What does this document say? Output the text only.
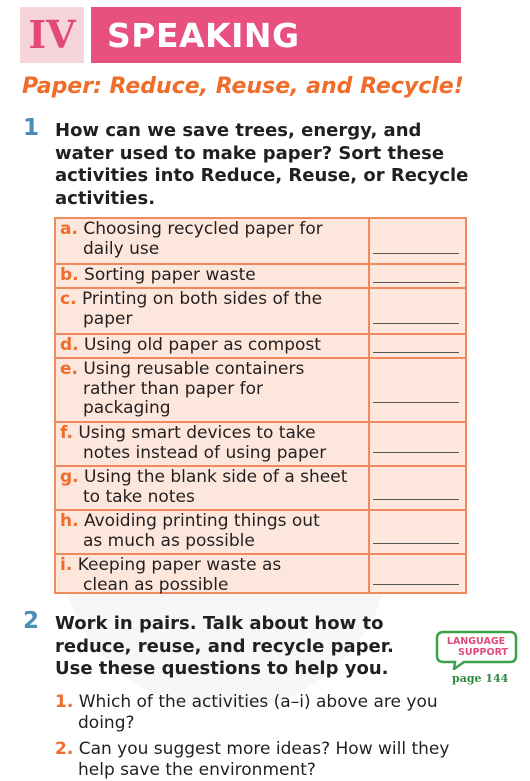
IV SPEAKING
Paper: Reduce, Reuse, and Recycle!
1 How can we save trees, energy, and
water used to make paper? Sort these
activities into Reduce, Reuse, or Recycle
activities.
a. Choosing recycled paper for
daily use
b. Sorting paper waste
c. Printing on both sides of the
paper
d. Using old paper as compost
e. Using reusable containers
rather than paper for
packaging
f. Using smart devices to take
notes instead of using paper
g. Using the blank side of a sheet
to take notes
h. Avoiding printing things out
as much as possible
i. Keeping paper waste as
clean as possible
2 Work in pairs. Talk about how to
reduce, reuse, and recycle paper.
Use these questions to help you.
LANGUAGE
SUPPORT
page 144
1. Which of the activities (a–i) above are you
doing?
2. Can you suggest more ideas? How will they
help save the environment?
